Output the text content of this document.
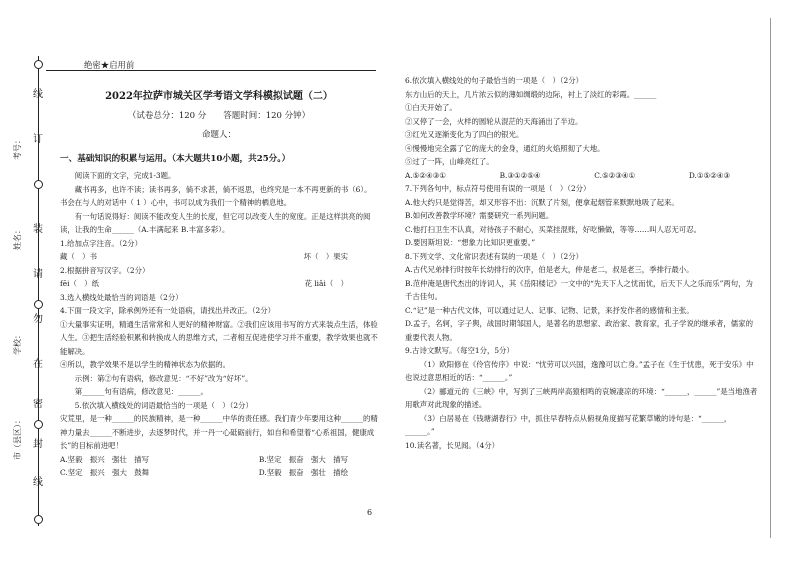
线
订
装
请
勿
在
密
封
线
考号：
姓名：
学校：
市（县区）：
绝密★启用前

2022年拉萨市城关区学考语文学科模拟试题（二）

（试卷总分：120 分　　答题时间：120 分钟）

命题人：

一、基础知识的积累与运用。（本大题共10小题，共25分。）

阅读下面的文字，完成1-3题。

藏书再多，也许不读；读书再多，倘不求甚，倘不返思，也终究是一本不再更新的书（6）。书会在与人的对话中（ 1 ）心中，书可以成为我们一个精神的栖息地。

　　有一句话说得好：阅读不能改变人生的长度，但它可以改变人生的宽度。正是这样洪亮的阅读，让我的生命______（A.丰满起来 B.丰富多彩）。

1.给加点字注音。（2分）

藏（　）书	坏（　）果实

2.根据拼音写汉字。（2分）

fēi（　）纸	花 liǎi（　）

3.选入横线处最恰当的词语是（2分）

4.下面一段文字，除承例外还有一处语病，请找出并改正。（2分）

①大量事实证明，精通生活常常和人更好的精神财富。②我们应该用书写的方式来装点生活，体验人生。③把生活经验积累和转换成人的思维方式，二者相互促进使学习并不重要，教学效果也就不能解决。

④所以，教学效果不是以学生的精神状态为依据的。

示例：第②句有语病，修改意见：“不好”改为“好坏”。

第______句有语病，修改意见：______。

5.依次填入横线处的词语最恰当的一项是（　）（2分）

灾荒里，是一种______的民族精神，是一种______中华的责任感。我们青少年要用这种______的精神力量去______不断进步，去逐梦时代，并一丹一心砥砺前行，如自和希望着“心系祖国，健康成长”的目标前进吧！

A.坚毅　振兴　强壮　描写	B.坚定　振奋　强大　描写
C.坚定　振兴　强大　鼓舞	D.坚毅　振奋　强壮　描绘
6

6.依次填入横线处的句子最恰当的一项是（　）（2分）

东方山后的天上，几片浓云似的薄如绸缎的边际，衬上了淡红的彩霞。______

①白天开始了。

②又停了一会，火样的圆轮从混茫的天海涌出了半边。

③红光又逐渐变化为了四白的银光。

④慢慢地完全露了它的庞大的金身，通红的火焰照彻了大地。

⑤过了一阵，山峰亮红了。

A.⑤②④③①	B.③①②⑤④	C.⑤②③④①	D.①⑤②④③

7.下列各句中，标点符号使用有误的一项是（　）（2分）

A.他大约只是觉得苦，却又形容不出：沉默了片刻，便拿起烟管来默默地吸了起来。

B.如何改善教学环境？需要研究一系列问题。

C.他打扫卫生不认真，对待孩子不耐心，买菜挂混账，好吃懒做，等等……叫人忍无可忍。

D.要因斯坦说：“想象力比知识更重要。”

8.下列文学、文化常识表述有误的一项是（　）（2分）

A.古代兄弟排行时按年长幼排行的次序，伯是老大，仲是老二，叔是老三，季排行最小。

B.范仲淹是唐代杰出的诗词人，其《岳阳楼记》一文中的“先天下人之忧而忧，后天下人之乐而乐”两句，为千古佳句。

C.“记”是一种古代文体，可以通过记人、记事、记物、记景，来抒发作者的感情和主张。

D.孟子，名轲，字子舆，战国时期邹国人，是著名的思想家、政治家、教育家，孔子学说的继承者，儒家的重要代表人物。

9.古诗文默写。（每空1分，5分）

（1）欧阳修在《伶官传序》中说：“忧劳可以兴国，逸豫可以亡身。”孟子在《生于忧患，死于安乐》中也说过意思相近的话：“______。”

（2）郦道元的《三峡》中，写到了三峡两岸高猿相鸣的哀婉凄凉的环境：“______，______”是当地渔者用歌声对此现象的描述。

（3）白居易在《钱塘湖春行》中，抓住早春特点从俯视角度描写花繁草嫩的诗句是：“______，______。”

10.读名著，长见闻。（4分）
